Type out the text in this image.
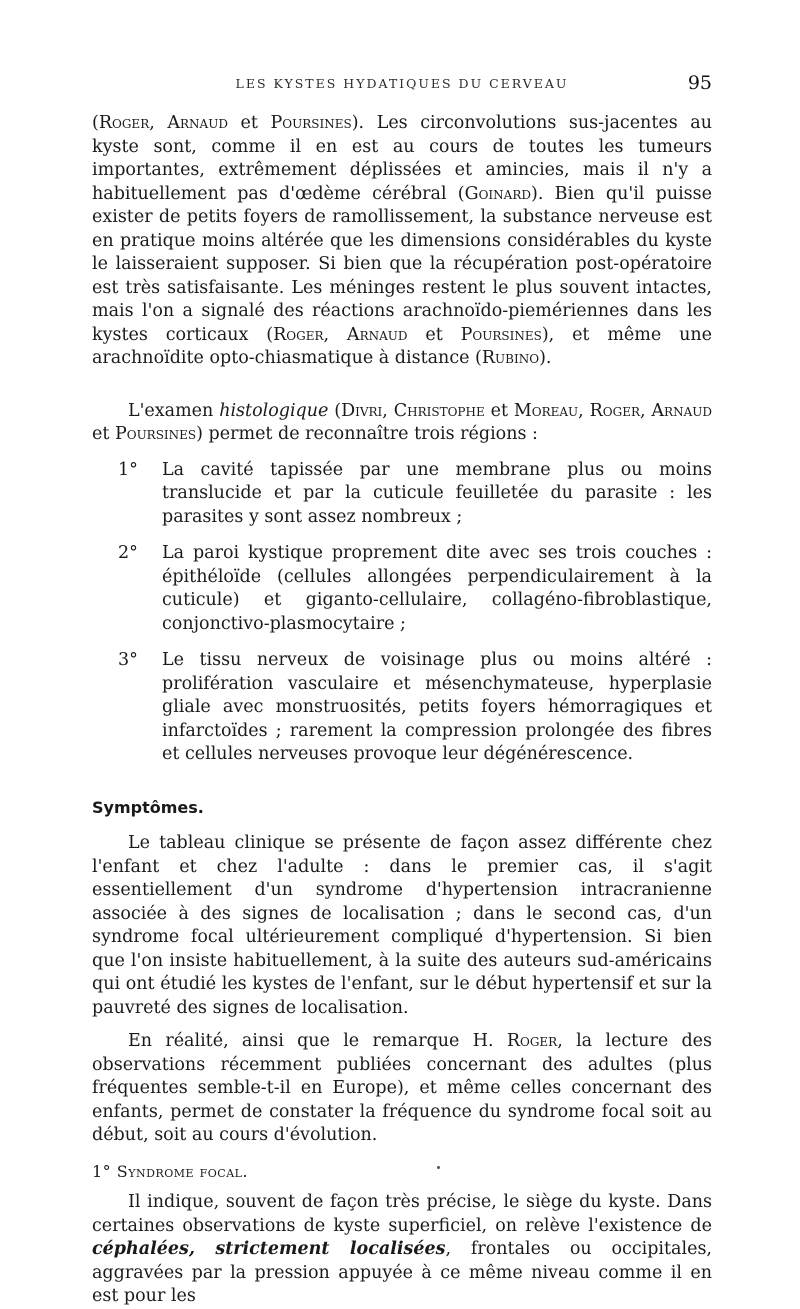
LES KYSTES HYDATIQUES DU CERVEAU	95

(Roger, Arnaud et Poursines). Les circonvolutions sus-jacentes au kyste sont, comme il en est au cours de toutes les tumeurs importantes, extrêmement déplissées et amincies, mais il n'y a habituellement pas d'œdème cérébral (Goinard). Bien qu'il puisse exister de petits foyers de ramollissement, la substance nerveuse est en pratique moins altérée que les dimensions considérables du kyste le laisseraient supposer. Si bien que la récupération post-opératoire est très satisfaisante. Les méninges restent le plus souvent intactes, mais l'on a signalé des réactions arachnoïdo-piemériennes dans les kystes corticaux (Roger, Arnaud et Poursines), et même une arachnoïdite opto-chiasmatique à distance (Rubino).

L'examen histologique (Divri, Christophe et Moreau, Roger, Arnaud et Poursines) permet de reconnaître trois régions :

1° La cavité tapissée par une membrane plus ou moins translucide et par la cuticule feuilletée du parasite : les parasites y sont assez nombreux ;
2° La paroi kystique proprement dite avec ses trois couches : épithéloïde (cellules allongées perpendiculairement à la cuticule) et giganto-cellulaire, collagéno-fibroblastique, conjonctivo-plasmocytaire ;
3° Le tissu nerveux de voisinage plus ou moins altéré : prolifération vasculaire et mésenchymateuse, hyperplasie gliale avec monstruosités, petits foyers hémorragiques et infarctoïdes ; rarement la compression prolongée des fibres et cellules nerveuses provoque leur dégénérescence.

Symptômes.

Le tableau clinique se présente de façon assez différente chez l'enfant et chez l'adulte : dans le premier cas, il s'agit essentiellement d'un syndrome d'hypertension intracranienne associée à des signes de localisation ; dans le second cas, d'un syndrome focal ultérieurement compliqué d'hypertension. Si bien que l'on insiste habituellement, à la suite des auteurs sud-américains qui ont étudié les kystes de l'enfant, sur le début hypertensif et sur la pauvreté des signes de localisation.

En réalité, ainsi que le remarque H. Roger, la lecture des observations récemment publiées concernant des adultes (plus fréquentes semble-t-il en Europe), et même celles concernant des enfants, permet de constater la fréquence du syndrome focal soit au début, soit au cours d'évolution.

1° Syndrome focal.

Il indique, souvent de façon très précise, le siège du kyste. Dans certaines observations de kyste superficiel, on relève l'existence de céphalées, strictement localisées, frontales ou occipitales, aggravées par la pression appuyée à ce même niveau comme il en est pour les
